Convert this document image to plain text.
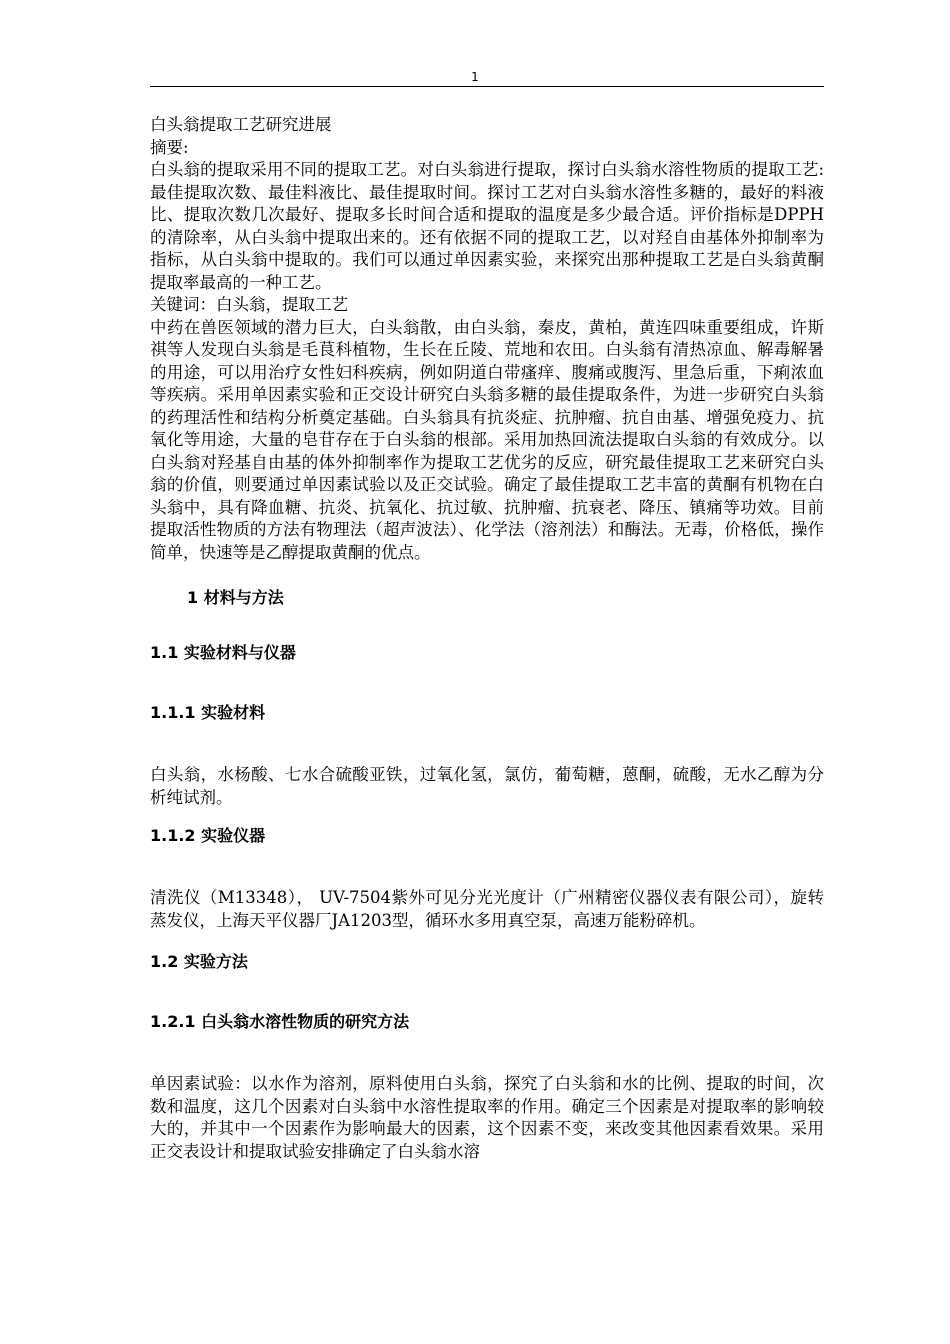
1

白头翁提取工艺研究进展

摘要:

白头翁的提取采用不同的提取工艺。对白头翁进行提取，探讨白头翁水溶性物质的提取工艺:最佳提取次数、最佳料液比、最佳提取时间。探讨工艺对白头翁水溶性多糖的，最好的料液比、提取次数几次最好、提取多长时间合适和提取的温度是多少最合适。评价指标是DPPH的清除率，从白头翁中提取出来的。还有依据不同的提取工艺，以对羟自由基体外抑制率为指标，从白头翁中提取的。我们可以通过单因素实验，来探究出那种提取工艺是白头翁黄酮提取率最高的一种工艺。

关键词：白头翁，提取工艺

中药在兽医领域的潜力巨大，白头翁散，由白头翁，秦皮，黄柏，黄连四味重要组成，许斯祺等人发现白头翁是毛茛科植物，生长在丘陵、荒地和农田。白头翁有清热凉血、解毒解暑的用途，可以用治疗女性妇科疾病，例如阴道白带瘙痒、腹痛或腹泻、里急后重，下痢浓血等疾病。采用单因素实验和正交设计研究白头翁多糖的最佳提取条件，为进一步研究白头翁的药理活性和结构分析奠定基础。白头翁具有抗炎症、抗肿瘤、抗自由基、增强免疫力、抗氧化等用途，大量的皂苷存在于白头翁的根部。采用加热回流法提取白头翁的有效成分。以白头翁对羟基自由基的体外抑制率作为提取工艺优劣的反应，研究最佳提取工艺来研究白头翁的价值，则要通过单因素试验以及正交试验。确定了最佳提取工艺丰富的黄酮有机物在白头翁中，具有降血糖、抗炎、抗氧化、抗过敏、抗肿瘤、抗衰老、降压、镇痛等功效。目前提取活性物质的方法有物理法（超声波法）、化学法（溶剂法）和酶法。无毒，价格低，操作简单，快速等是乙醇提取黄酮的优点。

1 材料与方法

1.1 实验材料与仪器

1.1.1 实验材料

白头翁，水杨酸、七水合硫酸亚铁，过氧化氢，氯仿，葡萄糖，蒽酮，硫酸，无水乙醇为分析纯试剂。

1.1.2 实验仪器

清洗仪（M13348）， UV-7504紫外可见分光光度计（广州精密仪器仪表有限公司），旋转蒸发仪，上海天平仪器厂JA1203型，循环水多用真空泵，高速万能粉碎机。

1.2 实验方法

1.2.1 白头翁水溶性物质的研究方法

单因素试验：以水作为溶剂，原料使用白头翁，探究了白头翁和水的比例、提取的时间，次数和温度，这几个因素对白头翁中水溶性提取率的作用。确定三个因素是对提取率的影响较大的，并其中一个因素作为影响最大的因素，这个因素不变，来改变其他因素看效果。采用正交表设计和提取试验安排确定了白头翁水溶
